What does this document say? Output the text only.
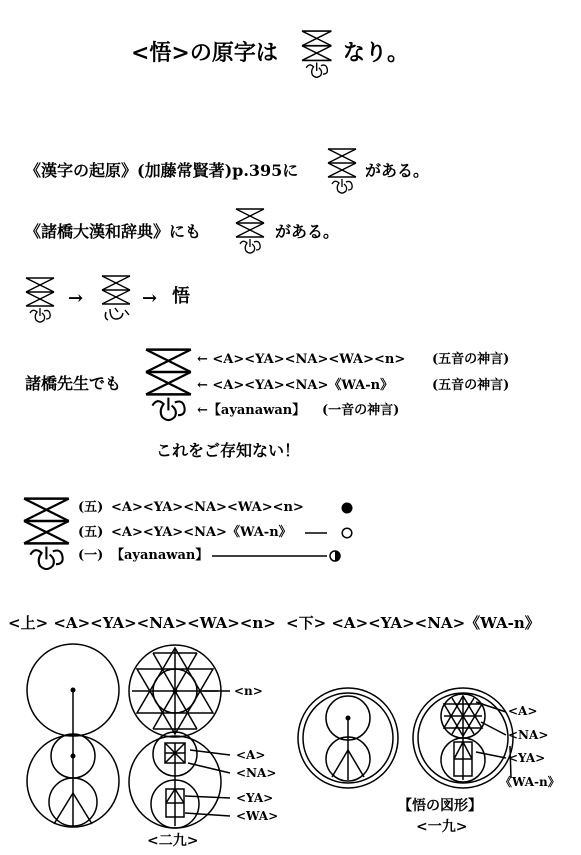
<悟>の原字は	なり。
《漢字の起原》(加藤常賢著)p.395に	がある。
《諸橋大漢和辞典》にも	がある。
→	→ 悟
諸橋先生でも
← <A><YA><NA><WA><n> (五音の神言)
← <A><YA><NA>《WA-n》	(五音の神言)
←【ayanawan】 (一音の神言)
これをご存知ない！
(五) <A><YA><NA><WA><n>
(五) <A><YA><NA>《WA-n》
(一) 【ayanawan】
<上> <A><YA><NA><WA><n> <下> <A><YA><NA>《WA-n》
<n>
<A>
<NA>
<YA>
<WA>
<二九>
<A>
<NA>
<YA>
《WA-n》
【悟の図形】
<一九>
